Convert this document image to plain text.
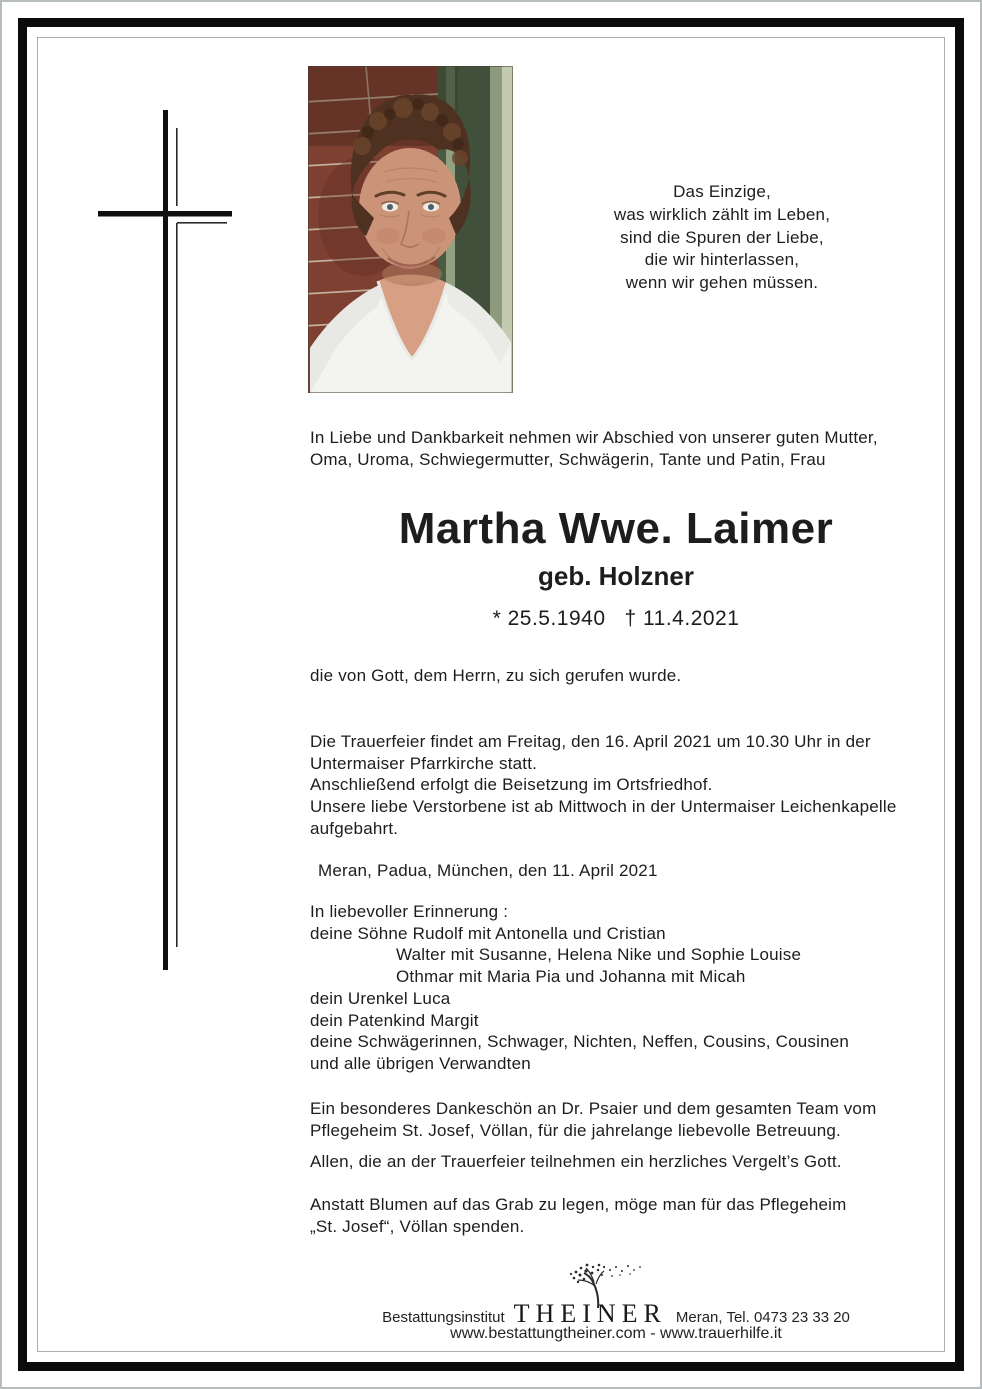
Das Einzige,
was wirklich zählt im Leben,
sind die Spuren der Liebe,
die wir hinterlassen,
wenn wir gehen müssen.
In Liebe und Dankbarkeit nehmen wir Abschied von unserer guten Mutter,
Oma, Uroma, Schwiegermutter, Schwägerin, Tante und Patin, Frau
Martha Wwe. Laimer
geb. Holzner
* 25.5.1940   † 11.4.2021
die von Gott, dem Herrn, zu sich gerufen wurde.
Die Trauerfeier findet am Freitag, den 16. April 2021 um 10.30 Uhr in der
Untermaiser Pfarrkirche statt.
Anschließend erfolgt die Beisetzung im Ortsfriedhof.
Unsere liebe Verstorbene ist ab Mittwoch in der Untermaiser Leichenkapelle
aufgebahrt.
Meran, Padua, München, den 11. April 2021
In liebevoller Erinnerung :
deine Söhne Rudolf mit Antonella und Cristian
Walter mit Susanne, Helena Nike und Sophie Louise
Othmar mit Maria Pia und Johanna mit Micah
dein Urenkel Luca
dein Patenkind Margit
deine Schwägerinnen, Schwager, Nichten, Neffen, Cousins, Cousinen
und alle übrigen Verwandten
Ein besonderes Dankeschön an Dr. Psaier und dem gesamten Team vom
Pflegeheim St. Josef, Völlan, für die jahrelange liebevolle Betreuung.
Allen, die an der Trauerfeier teilnehmen ein herzliches Vergelt’s Gott.
Anstatt Blumen auf das Grab zu legen, möge man für das Pflegeheim
„St. Josef“, Völlan spenden.
Bestattungsinstitut THEINER Meran, Tel. 0473 23 33 20
www.bestattungtheiner.com - www.trauerhilfe.it
